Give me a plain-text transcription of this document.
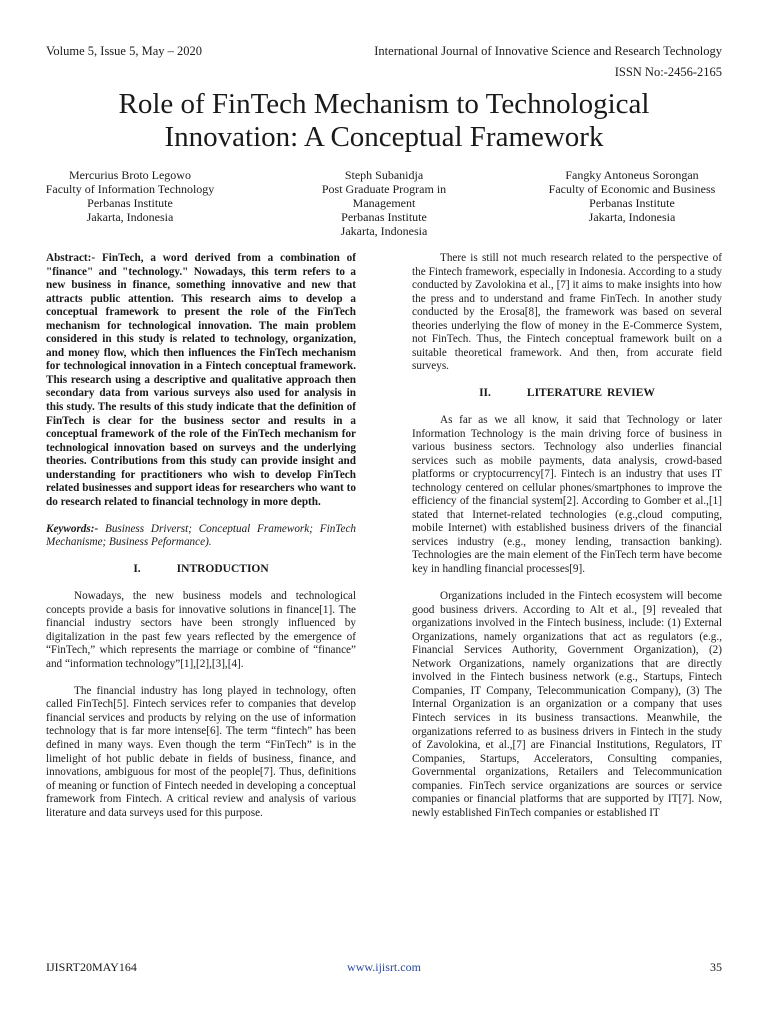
Volume 5, Issue 5, May – 2020	International Journal of Innovative Science and Research Technology
ISSN No:-2456-2165
Role of FinTech Mechanism to Technological
Innovation: A Conceptual Framework
Mercurius Broto Legowo
Faculty of Information Technology
Perbanas Institute
Jakarta, Indonesia
Steph Subanidja
Post Graduate Program in
Management
Perbanas Institute
Jakarta, Indonesia
Fangky Antoneus Sorongan
Faculty of Economic and Business
Perbanas Institute
Jakarta, Indonesia

Abstract:- FinTech, a word derived from a combination of "finance" and "technology." Nowadays, this term refers to a new business in finance, something innovative and new that attracts public attention. This research aims to develop a conceptual framework to present the role of the FinTech mechanism for technological innovation. The main problem considered in this study is related to technology, organization, and money flow, which then influences the FinTech mechanism for technological innovation in a Fintech conceptual framework. This research using a descriptive and qualitative approach then secondary data from various surveys also used for analysis in this study. The results of this study indicate that the definition of FinTech is clear for the business sector and results in a conceptual framework of the role of the FinTech mechanism for technological innovation based on surveys and the underlying theories. Contributions from this study can provide insight and understanding for practitioners who wish to develop FinTech related businesses and support ideas for researchers who want to do research related to financial technology in more depth.

Keywords:- Business Driverst; Conceptual Framework; FinTech Mechanisme; Business Peformance).

I.	INTRODUCTION

Nowadays, the new business models and technological concepts provide a basis for innovative solutions in finance[1]. The financial industry sectors have been strongly influenced by digitalization in the past few years reflected by the emergence of “FinTech,” which represents the marriage or combine of “finance” and “information technology”[1],[2],[3],[4].

The financial industry has long played in technology, often called FinTech[5]. Fintech services refer to companies that develop financial services and products by relying on the use of information technology that is far more intense[6]. The term “fintech” has been defined in many ways. Even though the term “FinTech” is in the limelight of hot public debate in fields of business, finance, and innovations, ambiguous for most of the people[7]. Thus, definitions of meaning or function of Fintech needed in developing a conceptual framework from Fintech. A critical review and analysis of various literature and data surveys used for this purpose.

There is still not much research related to the perspective of the Fintech framework, especially in Indonesia. According to a study conducted by Zavolokina et al., [7] it aims to make insights into how the press and to understand and frame FinTech. In another study conducted by the Erosa[8], the framework was based on several theories underlying the flow of money in the E-Commerce System, not FinTech. Thus, the Fintech conceptual framework built on a suitable theoretical framework. And then, from accurate field surveys.

II.	LITERATURE REVIEW

As far as we all know, it said that Technology or later Information Technology is the main driving force of business in various business sectors. Technology also underlies financial services such as mobile payments, data analysis, crowd-based platforms or cryptocurrency[7]. Fintech is an industry that uses IT technology centered on cellular phones/smartphones to improve the efficiency of the financial system[2]. According to Gomber et al.,[1] stated that Internet-related technologies (e.g.,cloud computing, mobile Internet) with established business drivers of the financial services industry (e.g., money lending, transaction banking). Technologies are the main element of the FinTech term have become key in handling financial processes[9].

Organizations included in the Fintech ecosystem will become good business drivers. According to Alt et al., [9] revealed that organizations involved in the Fintech business, include: (1) External Organizations, namely organizations that act as regulators (e.g., Financial Services Authority, Government Organization), (2) Network Organizations, namely organizations that are directly involved in the Fintech business network (e.g., Startups, Fintech Companies, IT Company, Telecommunication Company), (3) The Internal Organization is an organization or a company that uses Fintech services in its business transactions. Meanwhile, the organizations referred to as business drivers in Fintech in the study of Zavolokina, et al.,[7] are Financial Institutions, Regulators, IT Companies, Startups, Accelerators, Consulting companies, Governmental organizations, Retailers and Telecommunication companies. FinTech service organizations are sources or service companies or financial platforms that are supported by IT[7]. Now, newly established FinTech companies or established IT

IJISRT20MAY164	www.ijisrt.com	35
